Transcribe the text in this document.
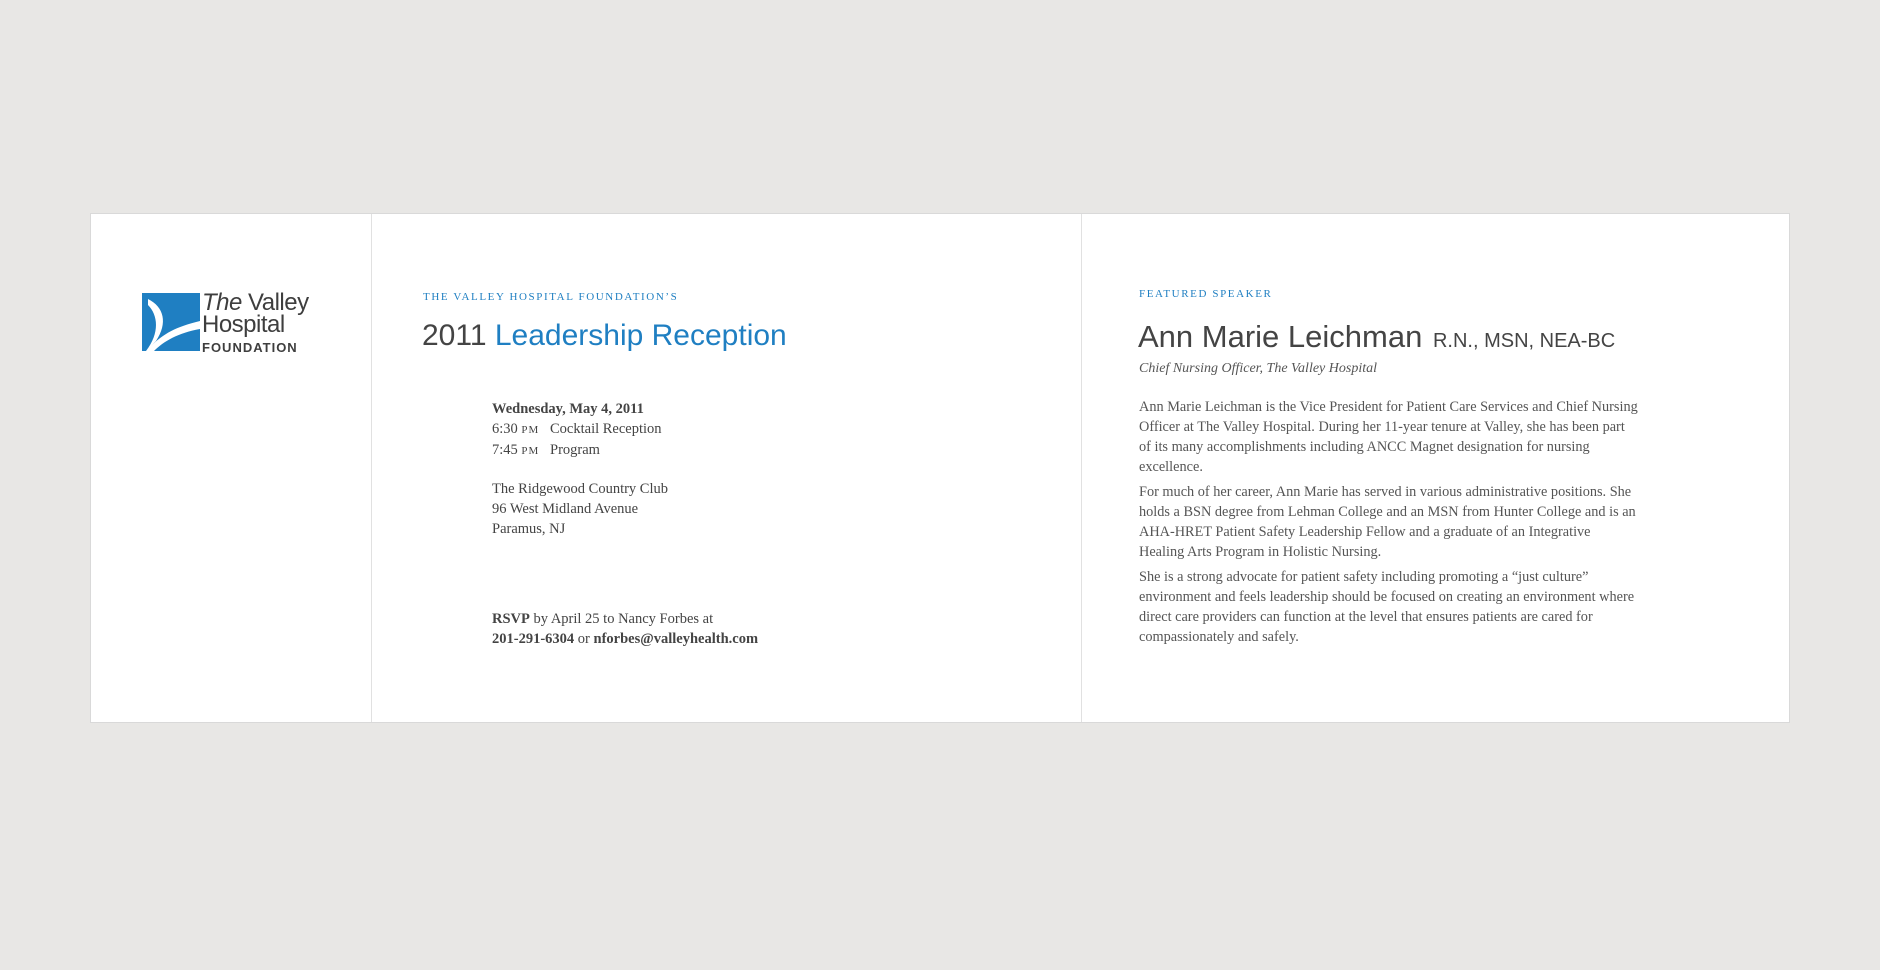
The Valley
Hospital
FOUNDATION
THE VALLEY HOSPITAL FOUNDATION’S
2011 Leadership Reception
Wednesday, May 4, 2011
6:30 PM Cocktail Reception
7:45 PM Program
The Ridgewood Country Club
96 West Midland Avenue
Paramus, NJ
RSVP by April 25 to Nancy Forbes at
201-291-6304 or nforbes@valleyhealth.com
FEATURED SPEAKER
Ann Marie Leichman R.N., MSN, NEA-BC
Chief Nursing Officer, The Valley Hospital

Ann Marie Leichman is the Vice President for Patient Care Services and Chief Nursing Officer at The Valley Hospital. During her 11-year tenure at Valley, she has been part of its many accomplishments including ANCC Magnet designation for nursing excellence.

For much of her career, Ann Marie has served in various administrative positions. She holds a BSN degree from Lehman College and an MSN from Hunter College and is an AHA-HRET Patient Safety Leadership Fellow and a graduate of an Integrative Healing Arts Program in Holistic Nursing.

She is a strong advocate for patient safety including promoting a “just culture” environment and feels leadership should be focused on creating an environment where direct care providers can function at the level that ensures patients are cared for compassionately and safely.
